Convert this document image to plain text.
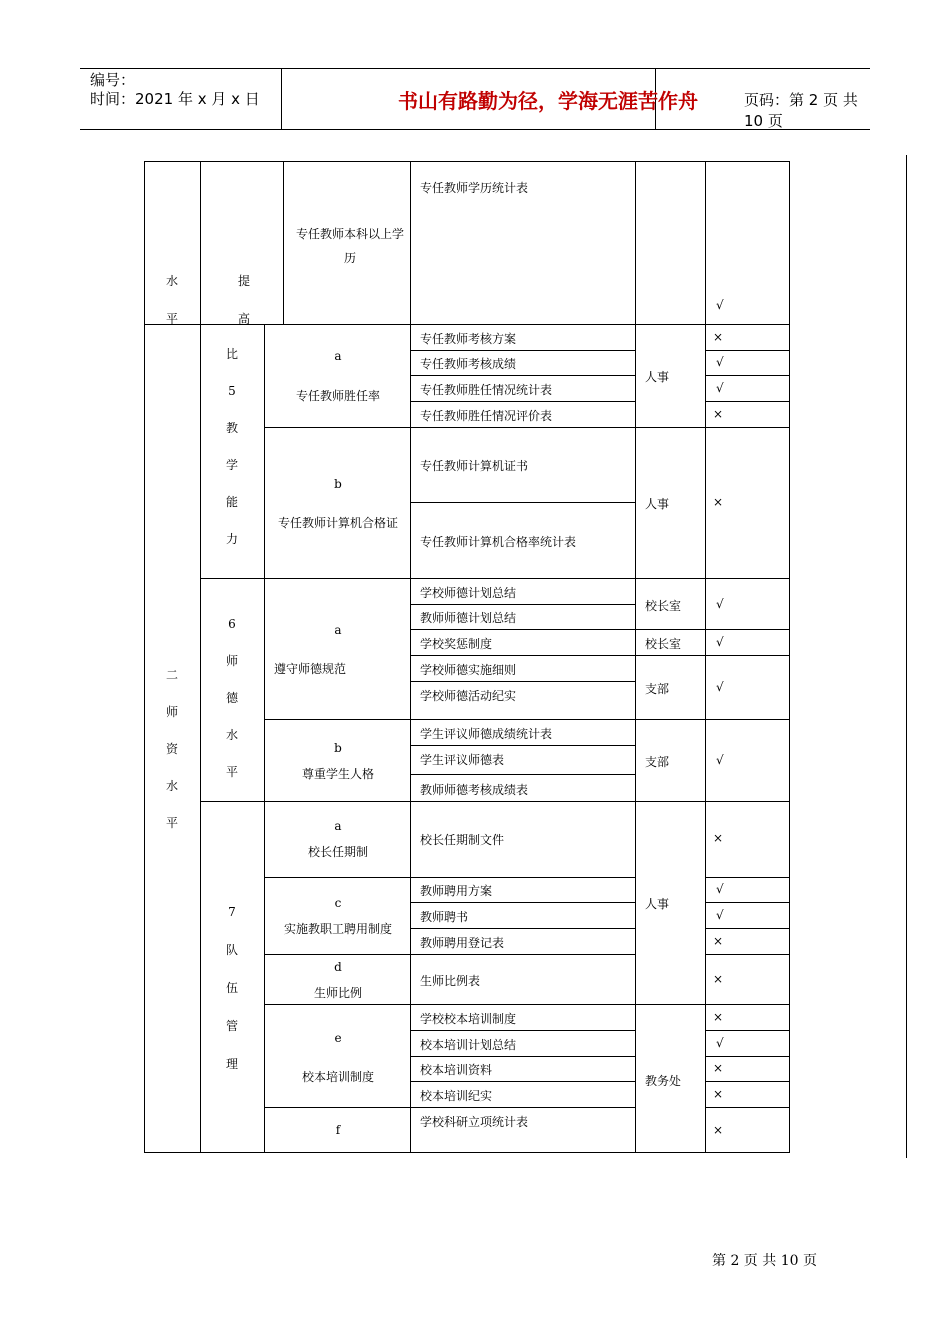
编号：
时间：2021 年 x 月 x 日	书山有路勤为径，学海无涯苦作舟	页码：第 2 页 共 10 页
水
平
二
师
资
水
平
提
高
比
5
教
学
能
力
6
师
德
水
平
7
队
伍
管
理
专任教师本科以上学历
a
专任教师胜任率
b
专任教师计算机合格证
a
遵守师德规范
b
尊重学生人格
a
校长任期制
c
实施教职工聘用制度
d
生师比例
e
校本培训制度
f
专任教师学历统计表
专任教师考核方案
专任教师考核成绩
专任教师胜任情况统计表
专任教师胜任情况评价表
专任教师计算机证书
专任教师计算机合格率统计表
学校师德计划总结
教师师德计划总结
学校奖惩制度
学校师德实施细则
学校师德活动纪实
学生评议师德成绩统计表
学生评议师德表
教师师德考核成绩表
校长任期制文件
教师聘用方案
教师聘书
教师聘用登记表
生师比例表
学校校本培训制度
校本培训计划总结
校本培训资料
校本培训纪实
学校科研立项统计表
人事
人事
校长室
校长室
支部
支部
人事
教务处
√
×
√
√
×
×
√
√
√
√
×
√
√
×
×
×
√
×
×
×
第 2 页 共 10 页
